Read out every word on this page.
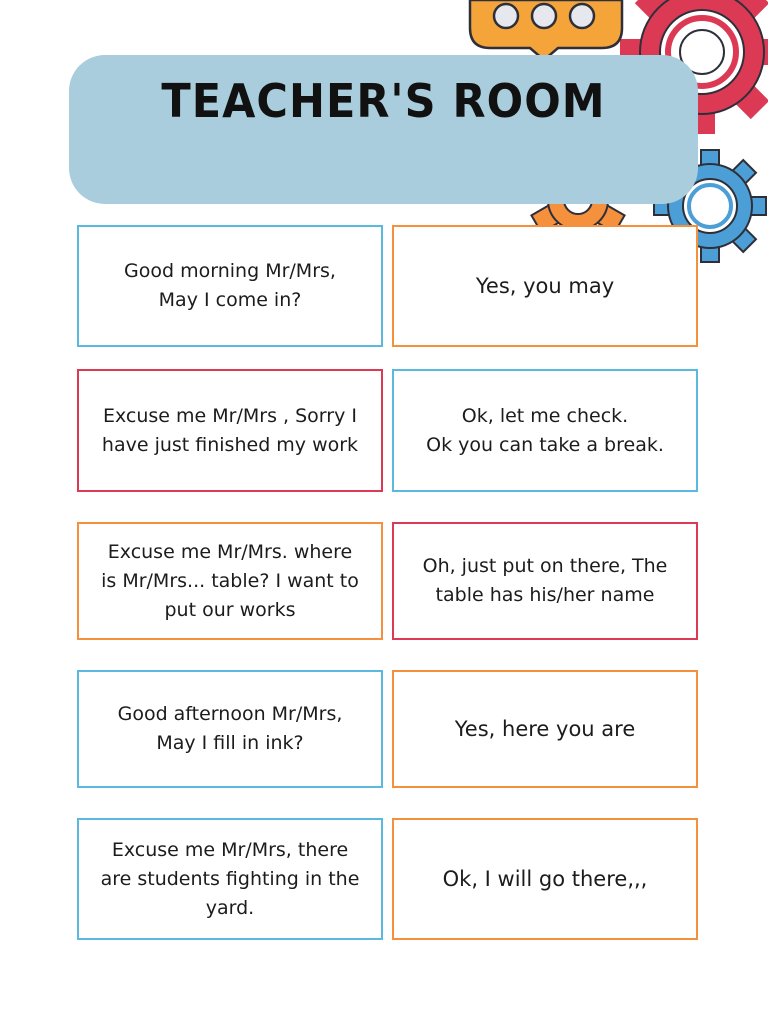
TEACHER'S ROOM
Good morning Mr/Mrs,
May I come in?
Yes, you may
Excuse me Mr/Mrs , Sorry I
have just finished my work
Ok, let me check.
Ok you can take a break.
Excuse me Mr/Mrs. where
is Mr/Mrs... table? I want to
put our works
Oh, just put on there, The
table has his/her name
Good afternoon Mr/Mrs,
May I fill in ink?
Yes, here you are
Excuse me Mr/Mrs, there
are students fighting in the
yard.
Ok, I will go there,,,
